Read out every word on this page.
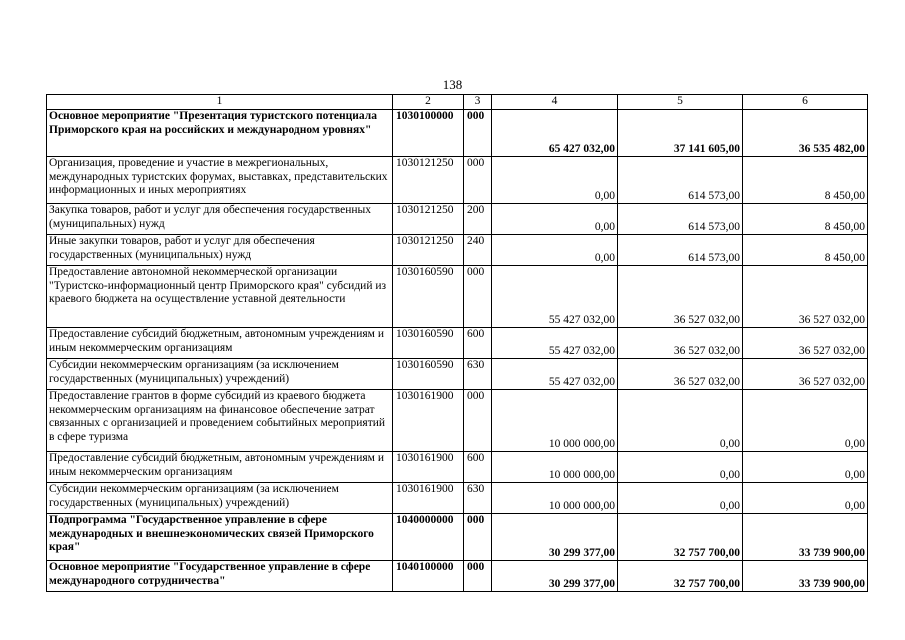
138
1	2	3	4	5	6
Основное мероприятие "Презентация туристского потенциала Приморского края на российских и международном уровнях"	1030100000	000	65 427 032,00	37 141 605,00	36 535 482,00
Организация, проведение и участие в межрегиональных, международных туристских форумах, выставках, представительских информационных и иных мероприятиях	1030121250	000	0,00	614 573,00	8 450,00
Закупка товаров, работ и услуг для обеспечения государственных (муниципальных) нужд	1030121250	200	0,00	614 573,00	8 450,00
Иные закупки товаров, работ и услуг для обеспечения государственных (муниципальных) нужд	1030121250	240	0,00	614 573,00	8 450,00
Предоставление автономной некоммерческой организации "Туристско-информационный центр Приморского края" субсидий из краевого бюджета на осуществление уставной деятельности	1030160590	000	55 427 032,00	36 527 032,00	36 527 032,00
Предоставление субсидий бюджетным, автономным учреждениям и иным некоммерческим организациям	1030160590	600	55 427 032,00	36 527 032,00	36 527 032,00
Субсидии некоммерческим организациям (за исключением государственных (муниципальных) учреждений)	1030160590	630	55 427 032,00	36 527 032,00	36 527 032,00
Предоставление грантов в форме субсидий из краевого бюджета некоммерческим организациям на финансовое обеспечение затрат связанных с организацией и проведением событийных мероприятий в сфере туризма	1030161900	000	10 000 000,00	0,00	0,00
Предоставление субсидий бюджетным, автономным учреждениям и иным некоммерческим организациям	1030161900	600	10 000 000,00	0,00	0,00
Субсидии некоммерческим организациям (за исключением государственных (муниципальных) учреждений)	1030161900	630	10 000 000,00	0,00	0,00
Подпрограмма "Государственное управление в сфере международных и внешнеэкономических связей Приморского края"	1040000000	000	30 299 377,00	32 757 700,00	33 739 900,00
Основное мероприятие "Государственное управление в сфере международного сотрудничества"	1040100000	000	30 299 377,00	32 757 700,00	33 739 900,00
